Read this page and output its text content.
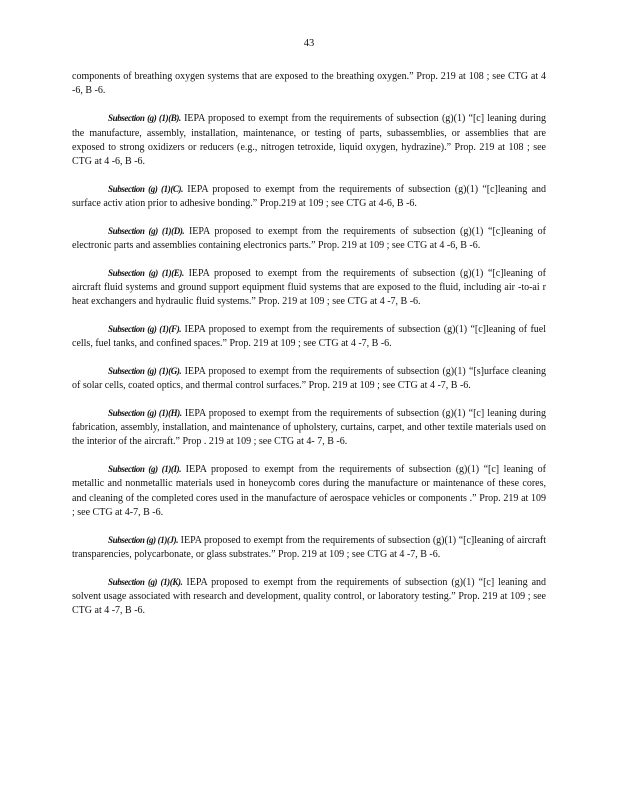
43

components of breathing oxygen systems that are exposed to the breathing oxygen.” Prop. 219 at 108 ; see CTG at 4 -6, B -6.

Subsection (g) (1)(B). IEPA proposed to exempt from the requirements of subsection (g)(1) “[c] leaning during the manufacture, assembly, installation, maintenance, or testing of parts, subassemblies, or assemblies that are exposed to strong oxidizers or reducers (e.g., nitrogen tetroxide, liquid oxygen, hydrazine).” Prop. 219 at 108 ; see CTG at 4 -6, B -6.

Subsection (g) (1)(C). IEPA proposed to exempt from the requirements of subsection (g)(1) “[c]leaning and surface activ ation prior to adhesive bonding.” Prop.219 at 109 ; see CTG at 4-6, B -6.

Subsection (g) (1)(D). IEPA proposed to exempt from the requirements of subsection (g)(1) “[c]leaning of electronic parts and assemblies containing electronics parts.” Prop. 219 at 109 ; see CTG at 4 -6, B -6.

Subsection (g) (1)(E). IEPA proposed to exempt from the requirements of subsection (g)(1) “[c]leaning of aircraft fluid systems and ground support equipment fluid systems that are exposed to the fluid, including air -to-ai r heat exchangers and hydraulic fluid systems.” Prop. 219 at 109 ; see CTG at 4 -7, B -6.

Subsection (g) (1)(F). IEPA proposed to exempt from the requirements of subsection (g)(1) “[c]leaning of fuel cells, fuel tanks, and confined spaces.” Prop. 219 at 109 ; see CTG at 4 -7, B -6.

Subsection (g) (1)(G). IEPA proposed to exempt from the requirements of subsection (g)(1) “[s]urface cleaning of solar cells, coated optics, and thermal control surfaces.” Prop. 219 at 109 ; see CTG at 4 -7, B -6.

Subsection (g) (1)(H). IEPA proposed to exempt from the requirements of subsection (g)(1) “[c] leaning during fabrication, assembly, installation, and maintenance of upholstery, curtains, carpet, and other textile materials used on the interior of the aircraft.” Prop . 219 at 109 ; see CTG at 4- 7, B -6.

Subsection (g) (1)(I). IEPA proposed to exempt from the requirements of subsection (g)(1) “[c] leaning of metallic and nonmetallic materials used in honeycomb cores during the manufacture or maintenance of these cores, and cleaning of the completed cores used in the manufacture of aerospace vehicles or components .” Prop. 219 at 109 ; see CTG at 4-7, B -6.

Subsection (g) (1)(J). IEPA proposed to exempt from the requirements of subsection (g)(1) “[c]leaning of aircraft transparencies, polycarbonate, or glass substrates.” Prop. 219 at 109 ; see CTG at 4 -7, B -6.

Subsection (g) (1)(K). IEPA proposed to exempt from the requirements of subsection (g)(1) “[c] leaning and solvent usage associated with research and development, quality control, or laboratory testing.” Prop. 219 at 109 ; see CTG at 4 -7, B -6.
